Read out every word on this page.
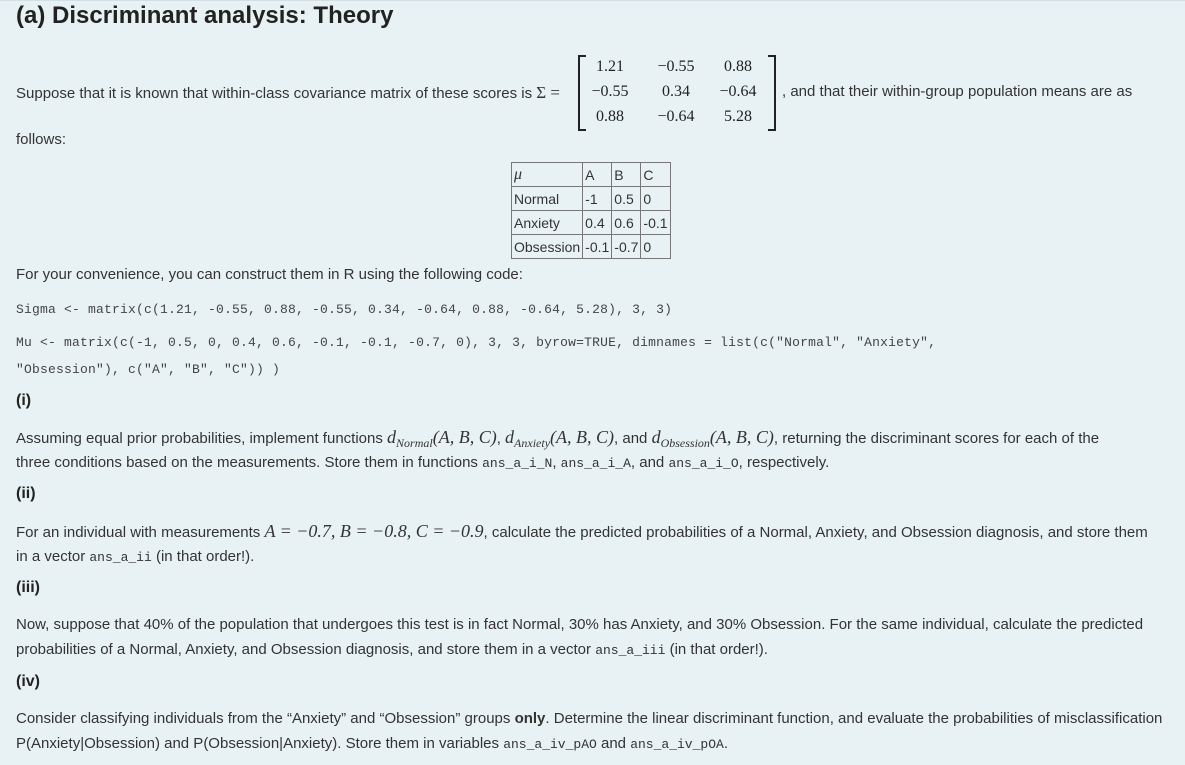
(a) Discriminant analysis: Theory
Suppose that it is known that within-class covariance matrix of these scores is Σ =
1.21	−0.55	0.88
−0.55	0.34	−0.64
0.88	−0.64	5.28
, and that their within-group population means are as
follows:
μ	A	B	C
Normal	-1	0.5	0
Anxiety	0.4	0.6	-0.1
Obsession	-0.1	-0.7	0
For your convenience, you can construct them in R using the following code:
Sigma <- matrix(c(1.21, -0.55, 0.88, -0.55, 0.34, -0.64, 0.88, -0.64, 5.28), 3, 3)
Mu <- matrix(c(-1, 0.5, 0, 0.4, 0.6, -0.1, -0.1, -0.7, 0), 3, 3, byrow=TRUE, dimnames = list(c("Normal", "Anxiety",
"Obsession"), c("A", "B", "C")) )
(i)
Assuming equal prior probabilities, implement functions $d_{Normal}(A$, B, C), $d_{Anxiety}(A$, B, C), and $d_{Obsession}(A$, B, C), returning the discriminant scores for each of the
three conditions based on the measurements. Store them in functions ans_a_i_N, ans_a_i_A, and ans_a_i_O, respectively.
(ii)
For an individual with measurements A = −0.7, B = −0.8, C = −0.9, calculate the predicted probabilities of a Normal, Anxiety, and Obsession diagnosis, and store them
in a vector ans_a_ii (in that order!).
(iii)
Now, suppose that 40% of the population that undergoes this test is in fact Normal, 30% has Anxiety, and 30% Obsession. For the same individual, calculate the predicted
probabilities of a Normal, Anxiety, and Obsession diagnosis, and store them in a vector ans_a_iii (in that order!).
(iv)
Consider classifying individuals from the “Anxiety” and “Obsession” groups only. Determine the linear discriminant function, and evaluate the probabilities of misclassification
P(Anxiety|Obsession) and P(Obsession|Anxiety). Store them in variables ans_a_iv_pAO and ans_a_iv_pOA.
